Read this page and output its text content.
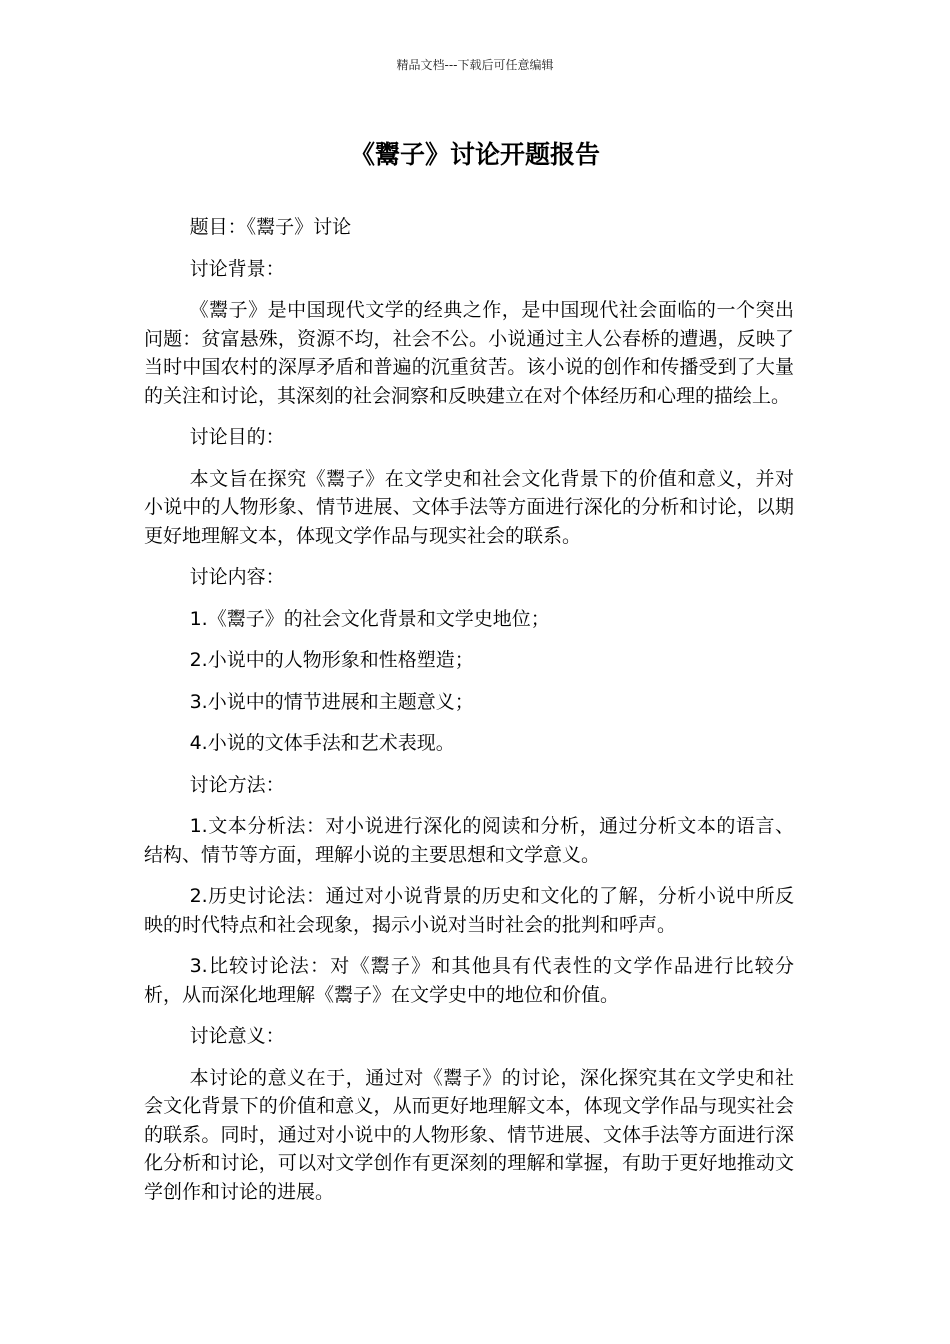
精品文档---下载后可任意编辑
《鬻子》讨论开题报告

题目：《鬻子》讨论

讨论背景：

《鬻子》是中国现代文学的经典之作，是中国现代社会面临的一个突出问题：贫富悬殊，资源不均，社会不公。小说通过主人公春桥的遭遇，反映了当时中国农村的深厚矛盾和普遍的沉重贫苦。该小说的创作和传播受到了大量的关注和讨论，其深刻的社会洞察和反映建立在对个体经历和心理的描绘上。

讨论目的：

本文旨在探究《鬻子》在文学史和社会文化背景下的价值和意义，并对小说中的人物形象、情节进展、文体手法等方面进行深化的分析和讨论，以期更好地理解文本，体现文学作品与现实社会的联系。

讨论内容：

1.《鬻子》的社会文化背景和文学史地位；

2.小说中的人物形象和性格塑造；

3.小说中的情节进展和主题意义；

4.小说的文体手法和艺术表现。

讨论方法：

1.文本分析法：对小说进行深化的阅读和分析，通过分析文本的语言、结构、情节等方面，理解小说的主要思想和文学意义。

2.历史讨论法：通过对小说背景的历史和文化的了解，分析小说中所反映的时代特点和社会现象，揭示小说对当时社会的批判和呼声。

3.比较讨论法：对《鬻子》和其他具有代表性的文学作品进行比较分析，从而深化地理解《鬻子》在文学史中的地位和价值。

讨论意义：

本讨论的意义在于，通过对《鬻子》的讨论，深化探究其在文学史和社会文化背景下的价值和意义，从而更好地理解文本，体现文学作品与现实社会的联系。同时，通过对小说中的人物形象、情节进展、文体手法等方面进行深化分析和讨论，可以对文学创作有更深刻的理解和掌握，有助于更好地推动文学创作和讨论的进展。
